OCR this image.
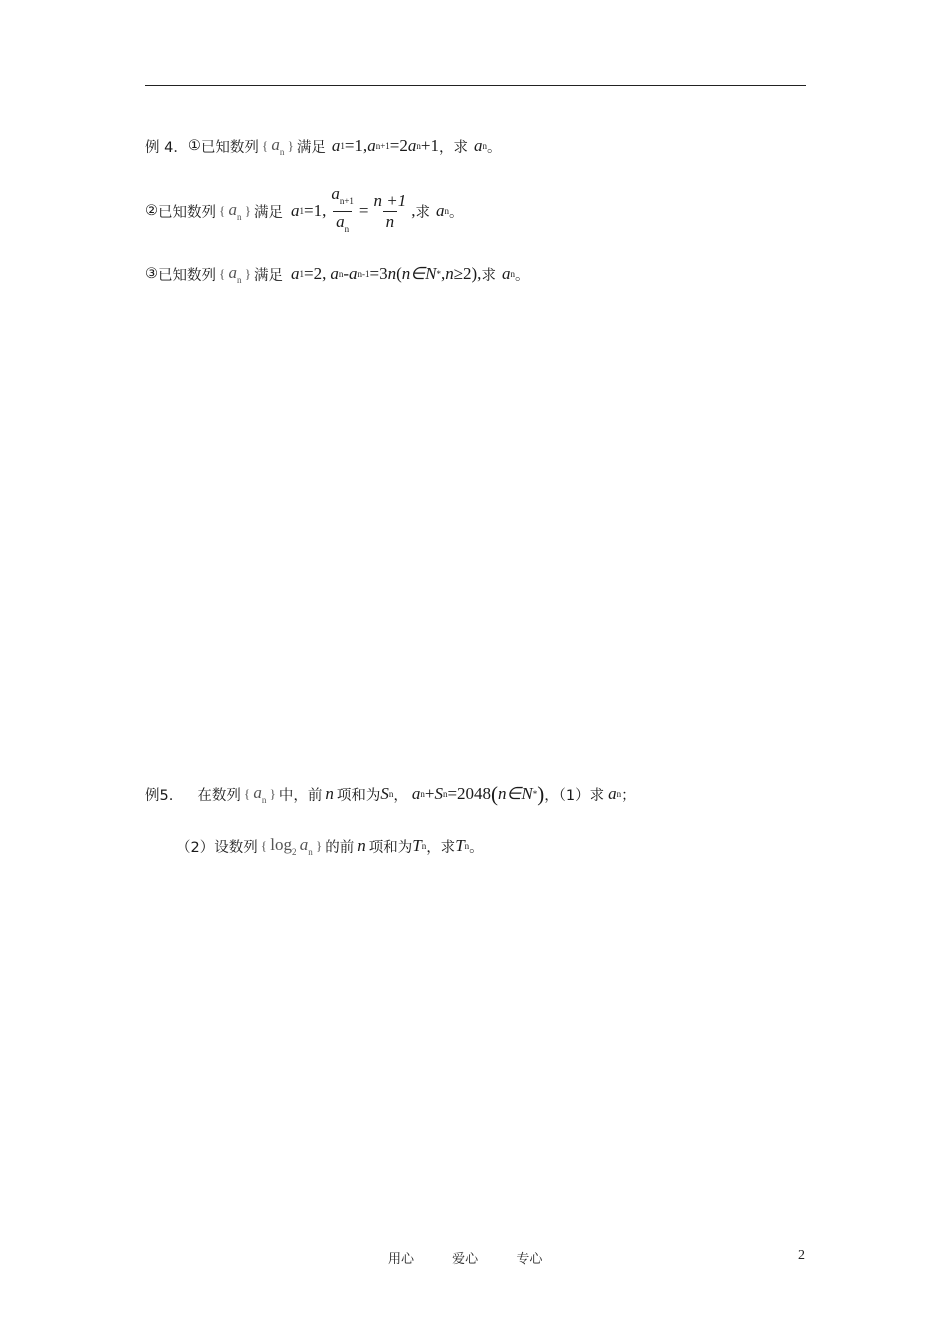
例 4． ① 已知数列 { $a_n$ } 满足 a 1 =1, a n+1 =2 a n +1 ， 求 a n 。
② 已知数列 { $a_n$ } 满足 a 1 =1, $\frac{a_{n+1}}{a_n} = \frac{n +1}{n}$ , 求 a n 。
③ 已知数列 { $a_n$ } 满足 a 1 =2, a n - a n-1 =3 n ( n∈ N * , n ≥2), 求 a n 。
例5. 在数列 { $a_n$ } 中，前 n 项和为 S n ， a n + S n =2048 ( n∈ N * ) ，（1）求 a n ；
（2）设数列 { $\log_2 a_n$ } 的前 n 项和为 T n ，求 T n 。
用心	爱心	专心	2
